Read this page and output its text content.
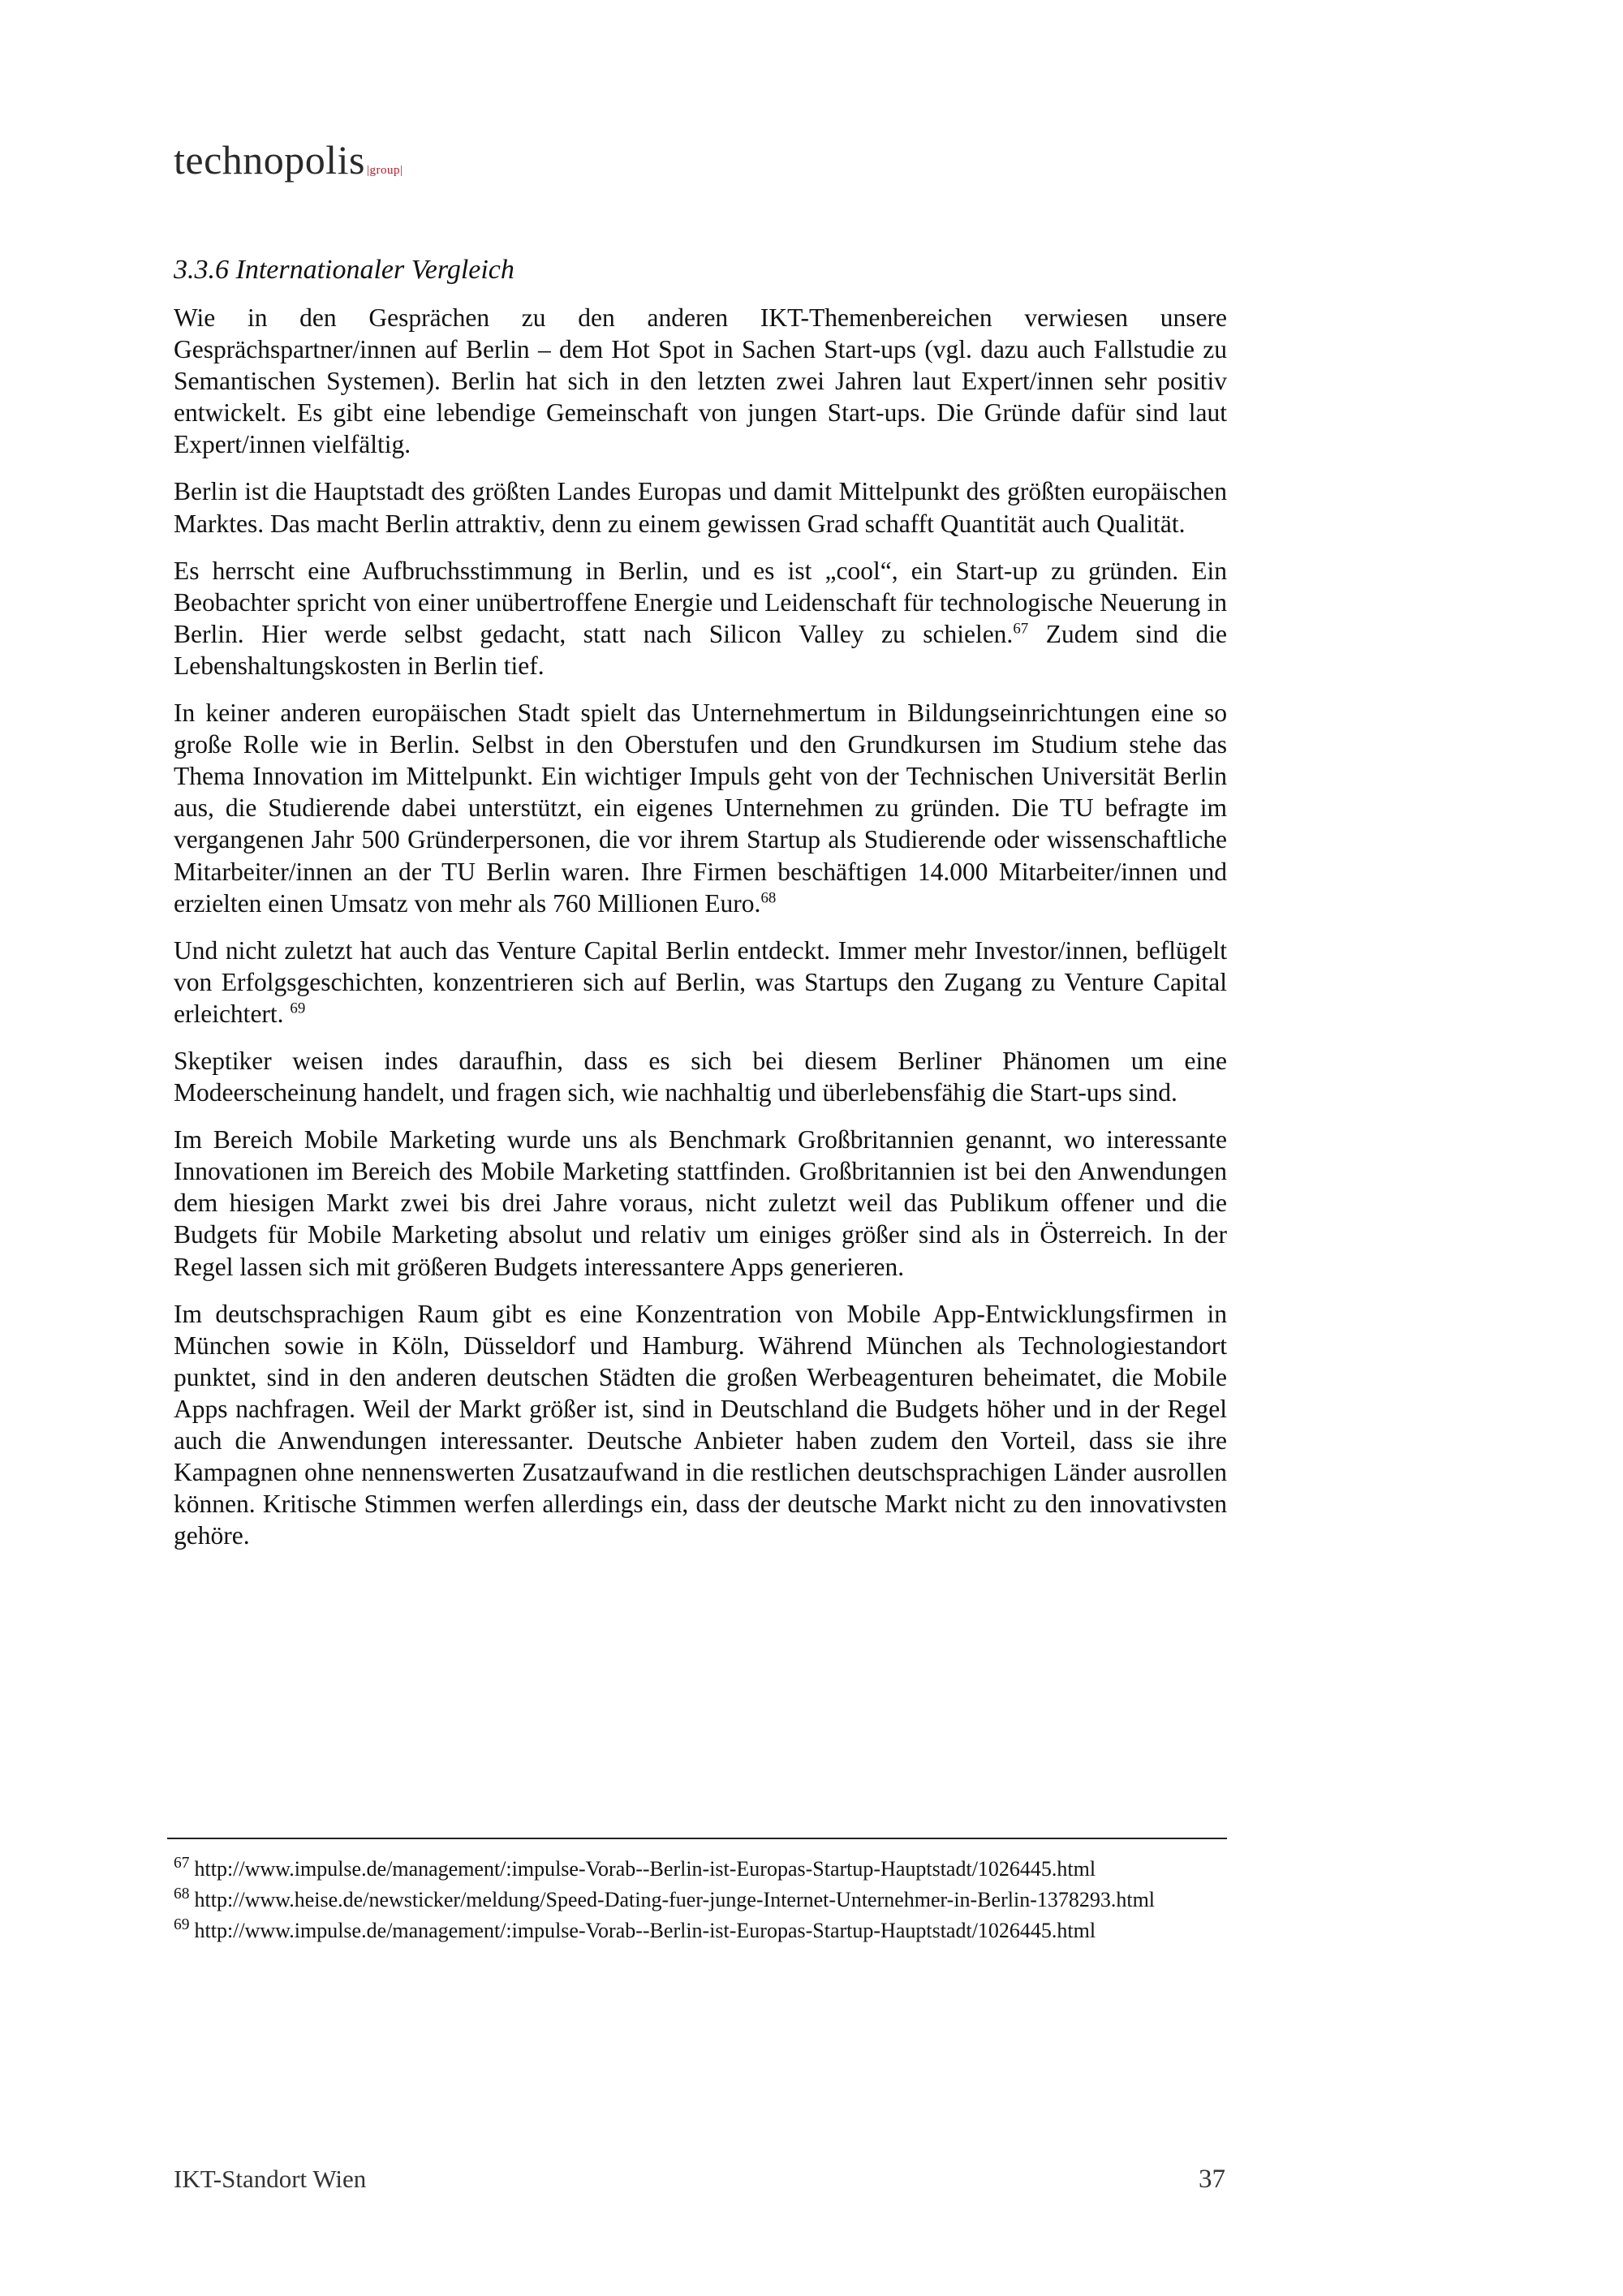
technopolis |group|
3.3.6 Internationaler Vergleich

Wie in den Gesprächen zu den anderen IKT-Themenbereichen verwiesen unsere Gesprächspartner/innen auf Berlin – dem Hot Spot in Sachen Start-ups (vgl. dazu auch Fallstudie zu Semantischen Systemen). Berlin hat sich in den letzten zwei Jahren laut Expert/innen sehr positiv entwickelt. Es gibt eine lebendige Gemeinschaft von jungen Start-ups. Die Gründe dafür sind laut Expert/innen vielfältig.

Berlin ist die Hauptstadt des größten Landes Europas und damit Mittelpunkt des größten europäischen Marktes. Das macht Berlin attraktiv, denn zu einem gewissen Grad schafft Quantität auch Qualität.

Es herrscht eine Aufbruchsstimmung in Berlin, und es ist „cool“, ein Start-up zu gründen. Ein Beobachter spricht von einer unübertroffene Energie und Leidenschaft für technologische Neuerung in Berlin. Hier werde selbst gedacht, statt nach Silicon Valley zu schielen.$^{67}$ Zudem sind die Lebenshaltungskosten in Berlin tief.

In keiner anderen europäischen Stadt spielt das Unternehmertum in Bildungseinrichtungen eine so große Rolle wie in Berlin. Selbst in den Oberstufen und den Grundkursen im Studium stehe das Thema Innovation im Mittelpunkt. Ein wichtiger Impuls geht von der Technischen Universität Berlin aus, die Studierende dabei unterstützt, ein eigenes Unternehmen zu gründen. Die TU befragte im vergangenen Jahr 500 Gründerpersonen, die vor ihrem Startup als Studierende oder wissenschaftliche Mitarbeiter/innen an der TU Berlin waren. Ihre Firmen beschäftigen 14.000 Mitarbeiter/innen und erzielten einen Umsatz von mehr als 760 Millionen Euro.$^{68}$

Und nicht zuletzt hat auch das Venture Capital Berlin entdeckt. Immer mehr Investor/innen, beflügelt von Erfolgsgeschichten, konzentrieren sich auf Berlin, was Startups den Zugang zu Venture Capital erleichtert. $^{69}$

Skeptiker weisen indes daraufhin, dass es sich bei diesem Berliner Phänomen um eine Modeerscheinung handelt, und fragen sich, wie nachhaltig und überlebensfähig die Start-ups sind.

Im Bereich Mobile Marketing wurde uns als Benchmark Großbritannien genannt, wo interessante Innovationen im Bereich des Mobile Marketing stattfinden. Großbritannien ist bei den Anwendungen dem hiesigen Markt zwei bis drei Jahre voraus, nicht zuletzt weil das Publikum offener und die Budgets für Mobile Marketing absolut und relativ um einiges größer sind als in Österreich. In der Regel lassen sich mit größeren Budgets interessantere Apps generieren.

Im deutschsprachigen Raum gibt es eine Konzentration von Mobile App-Entwicklungsfirmen in München sowie in Köln, Düsseldorf und Hamburg. Während München als Technologiestandort punktet, sind in den anderen deutschen Städten die großen Werbeagenturen beheimatet, die Mobile Apps nachfragen. Weil der Markt größer ist, sind in Deutschland die Budgets höher und in der Regel auch die Anwendungen interessanter. Deutsche Anbieter haben zudem den Vorteil, dass sie ihre Kampagnen ohne nennenswerten Zusatzaufwand in die restlichen deutschsprachigen Länder ausrollen können. Kritische Stimmen werfen allerdings ein, dass der deutsche Markt nicht zu den innovativsten gehöre.

$^{67}$ http://www.impulse.de/management/:impulse-Vorab--Berlin-ist-Europas-Startup-Hauptstadt/1026445.html
$^{68}$ http://www.heise.de/newsticker/meldung/Speed-Dating-fuer-junge-Internet-Unternehmer-in-Berlin-1378293.html
$^{69}$ http://www.impulse.de/management/:impulse-Vorab--Berlin-ist-Europas-Startup-Hauptstadt/1026445.html
IKT-Standort Wien	37
